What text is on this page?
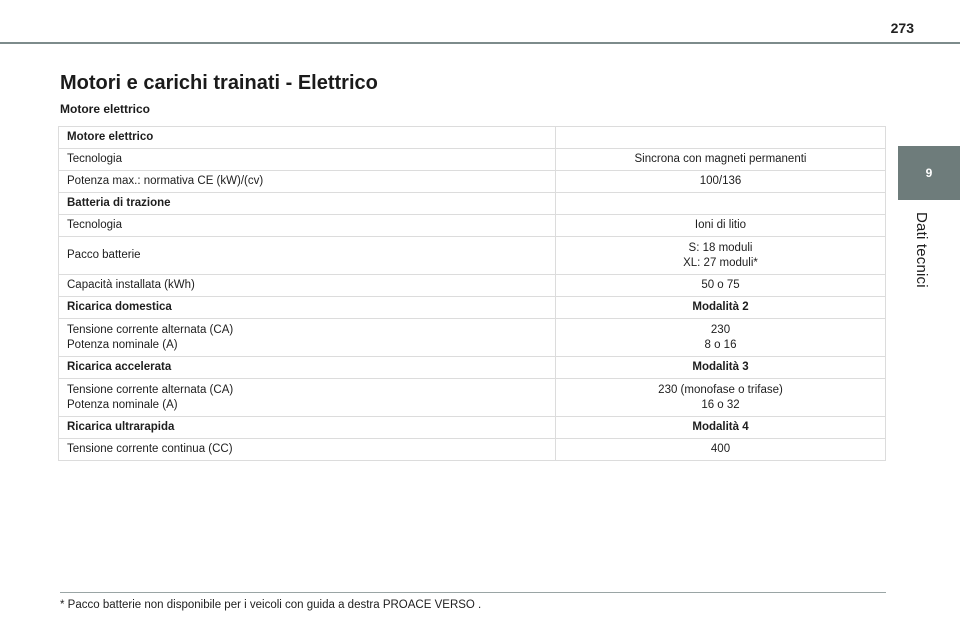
273
Motori e carichi trainati - Elettrico
Motore elettrico
Motore elettrico	

Tecnologia	Sincrona con magneti permanenti

Potenza max.: normativa CE (kW)/(cv)	100/136

Batteria di trazione	

Tecnologia	Ioni di litio

Pacco batterie	S: 18 moduli
XL: 27 moduli*

Capacità installata (kWh)	50 o 75

Ricarica domestica	Modalità 2

Tensione corrente alternata (CA)
Potenza nominale (A)	230
8 o 16

Ricarica accelerata	Modalità 3

Tensione corrente alternata (CA)
Potenza nominale (A)	230 (monofase o trifase)
16 o 32

Ricarica ultrarapida	Modalità 4

Tensione corrente continua (CC)	400
9
Dati tecnici

* Pacco batterie non disponibile per i veicoli con guida a destra PROACE VERSO .
